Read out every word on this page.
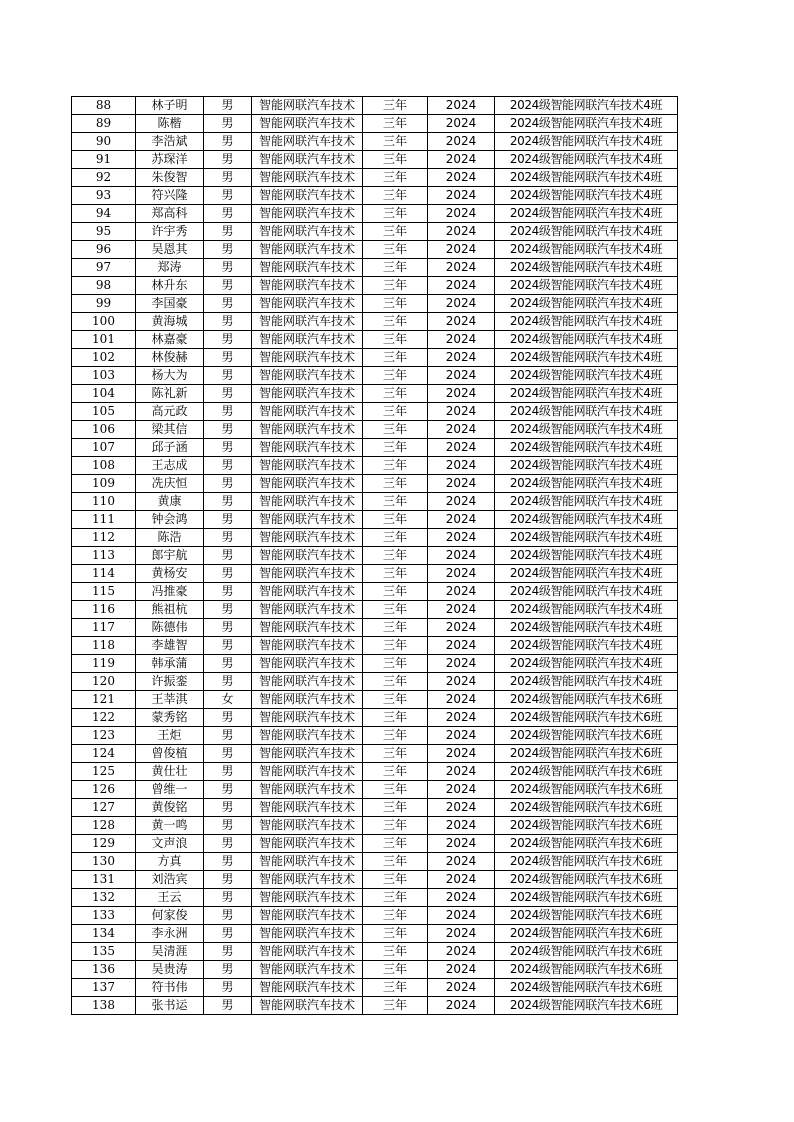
88	林子明	男	智能网联汽车技术	三年	2024	2024级智能网联汽车技术4班
89	陈楷	男	智能网联汽车技术	三年	2024	2024级智能网联汽车技术4班
90	李浩斌	男	智能网联汽车技术	三年	2024	2024级智能网联汽车技术4班
91	苏琛洋	男	智能网联汽车技术	三年	2024	2024级智能网联汽车技术4班
92	朱俊智	男	智能网联汽车技术	三年	2024	2024级智能网联汽车技术4班
93	符兴隆	男	智能网联汽车技术	三年	2024	2024级智能网联汽车技术4班
94	郑高科	男	智能网联汽车技术	三年	2024	2024级智能网联汽车技术4班
95	许宇秀	男	智能网联汽车技术	三年	2024	2024级智能网联汽车技术4班
96	吴恩其	男	智能网联汽车技术	三年	2024	2024级智能网联汽车技术4班
97	郑涛	男	智能网联汽车技术	三年	2024	2024级智能网联汽车技术4班
98	林升东	男	智能网联汽车技术	三年	2024	2024级智能网联汽车技术4班
99	李国豪	男	智能网联汽车技术	三年	2024	2024级智能网联汽车技术4班
100	黄海城	男	智能网联汽车技术	三年	2024	2024级智能网联汽车技术4班
101	林嘉豪	男	智能网联汽车技术	三年	2024	2024级智能网联汽车技术4班
102	林俊赫	男	智能网联汽车技术	三年	2024	2024级智能网联汽车技术4班
103	杨大为	男	智能网联汽车技术	三年	2024	2024级智能网联汽车技术4班
104	陈礼新	男	智能网联汽车技术	三年	2024	2024级智能网联汽车技术4班
105	高元政	男	智能网联汽车技术	三年	2024	2024级智能网联汽车技术4班
106	梁其信	男	智能网联汽车技术	三年	2024	2024级智能网联汽车技术4班
107	邱子涵	男	智能网联汽车技术	三年	2024	2024级智能网联汽车技术4班
108	王志成	男	智能网联汽车技术	三年	2024	2024级智能网联汽车技术4班
109	冼庆恒	男	智能网联汽车技术	三年	2024	2024级智能网联汽车技术4班
110	黄康	男	智能网联汽车技术	三年	2024	2024级智能网联汽车技术4班
111	钟会鸿	男	智能网联汽车技术	三年	2024	2024级智能网联汽车技术4班
112	陈浩	男	智能网联汽车技术	三年	2024	2024级智能网联汽车技术4班
113	郎宇航	男	智能网联汽车技术	三年	2024	2024级智能网联汽车技术4班
114	黄杨安	男	智能网联汽车技术	三年	2024	2024级智能网联汽车技术4班
115	冯推豪	男	智能网联汽车技术	三年	2024	2024级智能网联汽车技术4班
116	熊祖杭	男	智能网联汽车技术	三年	2024	2024级智能网联汽车技术4班
117	陈德伟	男	智能网联汽车技术	三年	2024	2024级智能网联汽车技术4班
118	李雄智	男	智能网联汽车技术	三年	2024	2024级智能网联汽车技术4班
119	韩承蒲	男	智能网联汽车技术	三年	2024	2024级智能网联汽车技术4班
120	许振銮	男	智能网联汽车技术	三年	2024	2024级智能网联汽车技术4班
121	王莘淇	女	智能网联汽车技术	三年	2024	2024级智能网联汽车技术6班
122	蒙秀铭	男	智能网联汽车技术	三年	2024	2024级智能网联汽车技术6班
123	王炬	男	智能网联汽车技术	三年	2024	2024级智能网联汽车技术6班
124	曾俊植	男	智能网联汽车技术	三年	2024	2024级智能网联汽车技术6班
125	黄仕壮	男	智能网联汽车技术	三年	2024	2024级智能网联汽车技术6班
126	曾维一	男	智能网联汽车技术	三年	2024	2024级智能网联汽车技术6班
127	黄俊铭	男	智能网联汽车技术	三年	2024	2024级智能网联汽车技术6班
128	黄一鸣	男	智能网联汽车技术	三年	2024	2024级智能网联汽车技术6班
129	文声浪	男	智能网联汽车技术	三年	2024	2024级智能网联汽车技术6班
130	方真	男	智能网联汽车技术	三年	2024	2024级智能网联汽车技术6班
131	刘浩宾	男	智能网联汽车技术	三年	2024	2024级智能网联汽车技术6班
132	王云	男	智能网联汽车技术	三年	2024	2024级智能网联汽车技术6班
133	何家俊	男	智能网联汽车技术	三年	2024	2024级智能网联汽车技术6班
134	李永洲	男	智能网联汽车技术	三年	2024	2024级智能网联汽车技术6班
135	吴清涯	男	智能网联汽车技术	三年	2024	2024级智能网联汽车技术6班
136	吴贵涛	男	智能网联汽车技术	三年	2024	2024级智能网联汽车技术6班
137	符书伟	男	智能网联汽车技术	三年	2024	2024级智能网联汽车技术6班
138	张书运	男	智能网联汽车技术	三年	2024	2024级智能网联汽车技术6班
